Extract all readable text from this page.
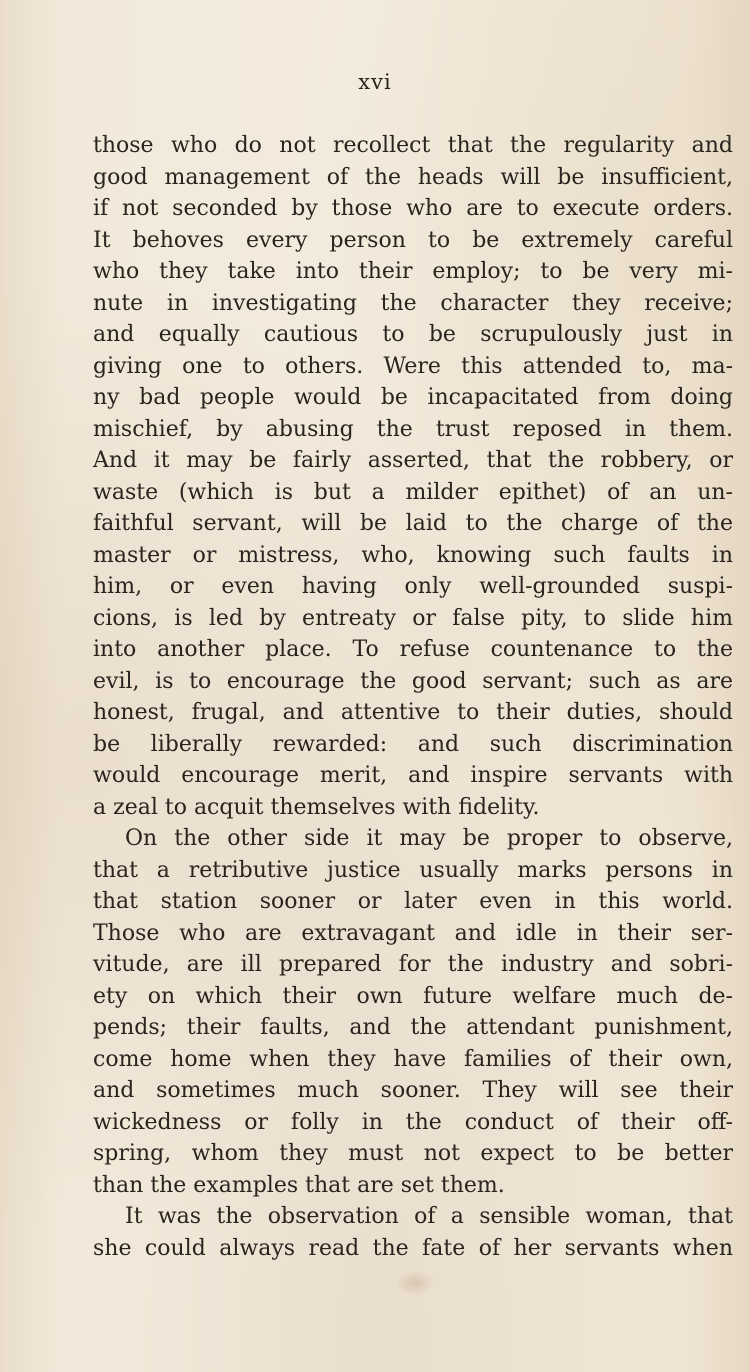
xvi
those who do not recollect that the regularity and
good management of the heads will be insufficient,
if not seconded by those who are to execute orders.
It behoves every person to be extremely careful
who they take into their employ; to be very mi-
nute in investigating the character they receive;
and equally cautious to be scrupulously just in
giving one to others. Were this attended to, ma-
ny bad people would be incapacitated from doing
mischief, by abusing the trust reposed in them.
And it may be fairly asserted, that the robbery, or
waste (which is but a milder epithet) of an un-
faithful servant, will be laid to the charge of the
master or mistress, who, knowing such faults in
him, or even having only well-grounded suspi-
cions, is led by entreaty or false pity, to slide him
into another place. To refuse countenance to the
evil, is to encourage the good servant; such as are
honest, frugal, and attentive to their duties, should
be liberally rewarded: and such discrimination
would encourage merit, and inspire servants with
a zeal to acquit themselves with fidelity.
On the other side it may be proper to observe,
that a retributive justice usually marks persons in
that station sooner or later even in this world.
Those who are extravagant and idle in their ser-
vitude, are ill prepared for the industry and sobri-
ety on which their own future welfare much de-
pends; their faults, and the attendant punishment,
come home when they have families of their own,
and sometimes much sooner. They will see their
wickedness or folly in the conduct of their off-
spring, whom they must not expect to be better
than the examples that are set them.
It was the observation of a sensible woman, that
she could always read the fate of her servants when
